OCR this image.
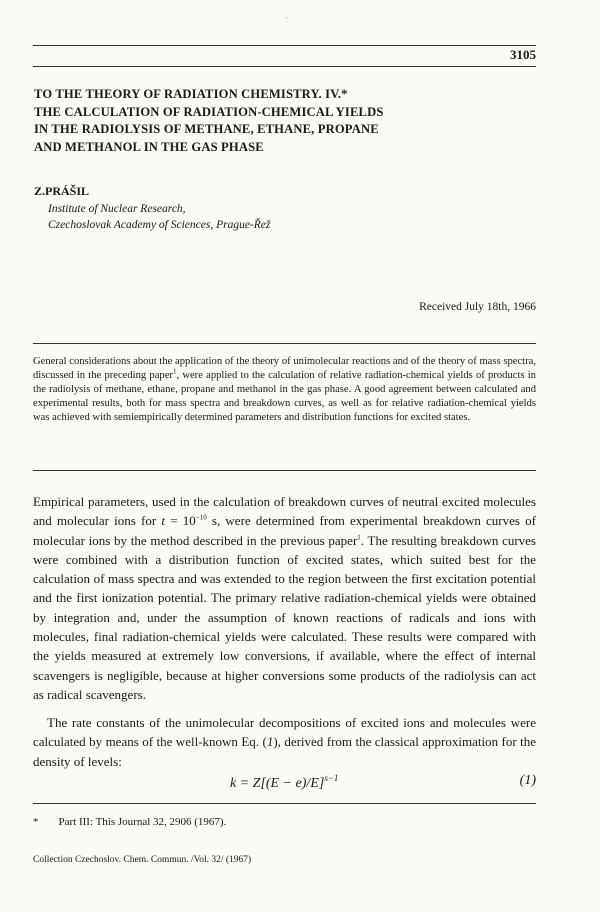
ˊ
3105
TO THE THEORY OF RADIATION CHEMISTRY. IV.*
THE CALCULATION OF RADIATION-CHEMICAL YIELDS
IN THE RADIOLYSIS OF METHANE, ETHANE, PROPANE
AND METHANOL IN THE GAS PHASE
Z.PRÁŠIL
Institute of Nuclear Research,
Czechoslovak Academy of Sciences, Prague-Řež
Received July 18th, 1966

General considerations about the application of the theory of unimolecular reactions and of the theory of mass spectra, discussed in the preceding paper$^1$, were applied to the calculation of relative radiation-chemical yields of products in the radiolysis of methane, ethane, propane and methanol in the gas phase. A good agreement between calculated and experimental results, both for mass spectra and breakdown curves, as well as for relative radiation-chemical yields was achieved with semiempirically determined parameters and distribution functions for excited states.

Empirical parameters, used in the calculation of breakdown curves of neutral excited molecules and molecular ions for $t = 10^{-10}$ s, were determined from experimental breakdown curves of molecular ions by the method described in the previous paper$^1$. The resulting breakdown curves were combined with a distribution function of excited states, which suited best for the calculation of mass spectra and was extended to the region between the first excitation potential and the first ionization potential. The primary relative radiation-chemical yields were obtained by integration and, under the assumption of known reactions of radicals and ions with molecules, final radiation-chemical yields were calculated. These results were compared with the yields measured at extremely low conversions, if available, where the effect of internal scavengers is negligible, because at higher conversions some products of the radiolysis can act as radical scavengers.

The rate constants of the unimolecular decompositions of excited ions and molecules were calculated by means of the well-known Eq. (1), derived from the classical approximation for the density of levels:

$k = Z[(E - e)/E]^{s-1}$	(1)
* Part III: This Journal 32, 2906 (1967).
Collection Czechoslov. Chem. Commun. /Vol. 32/ (1967)
